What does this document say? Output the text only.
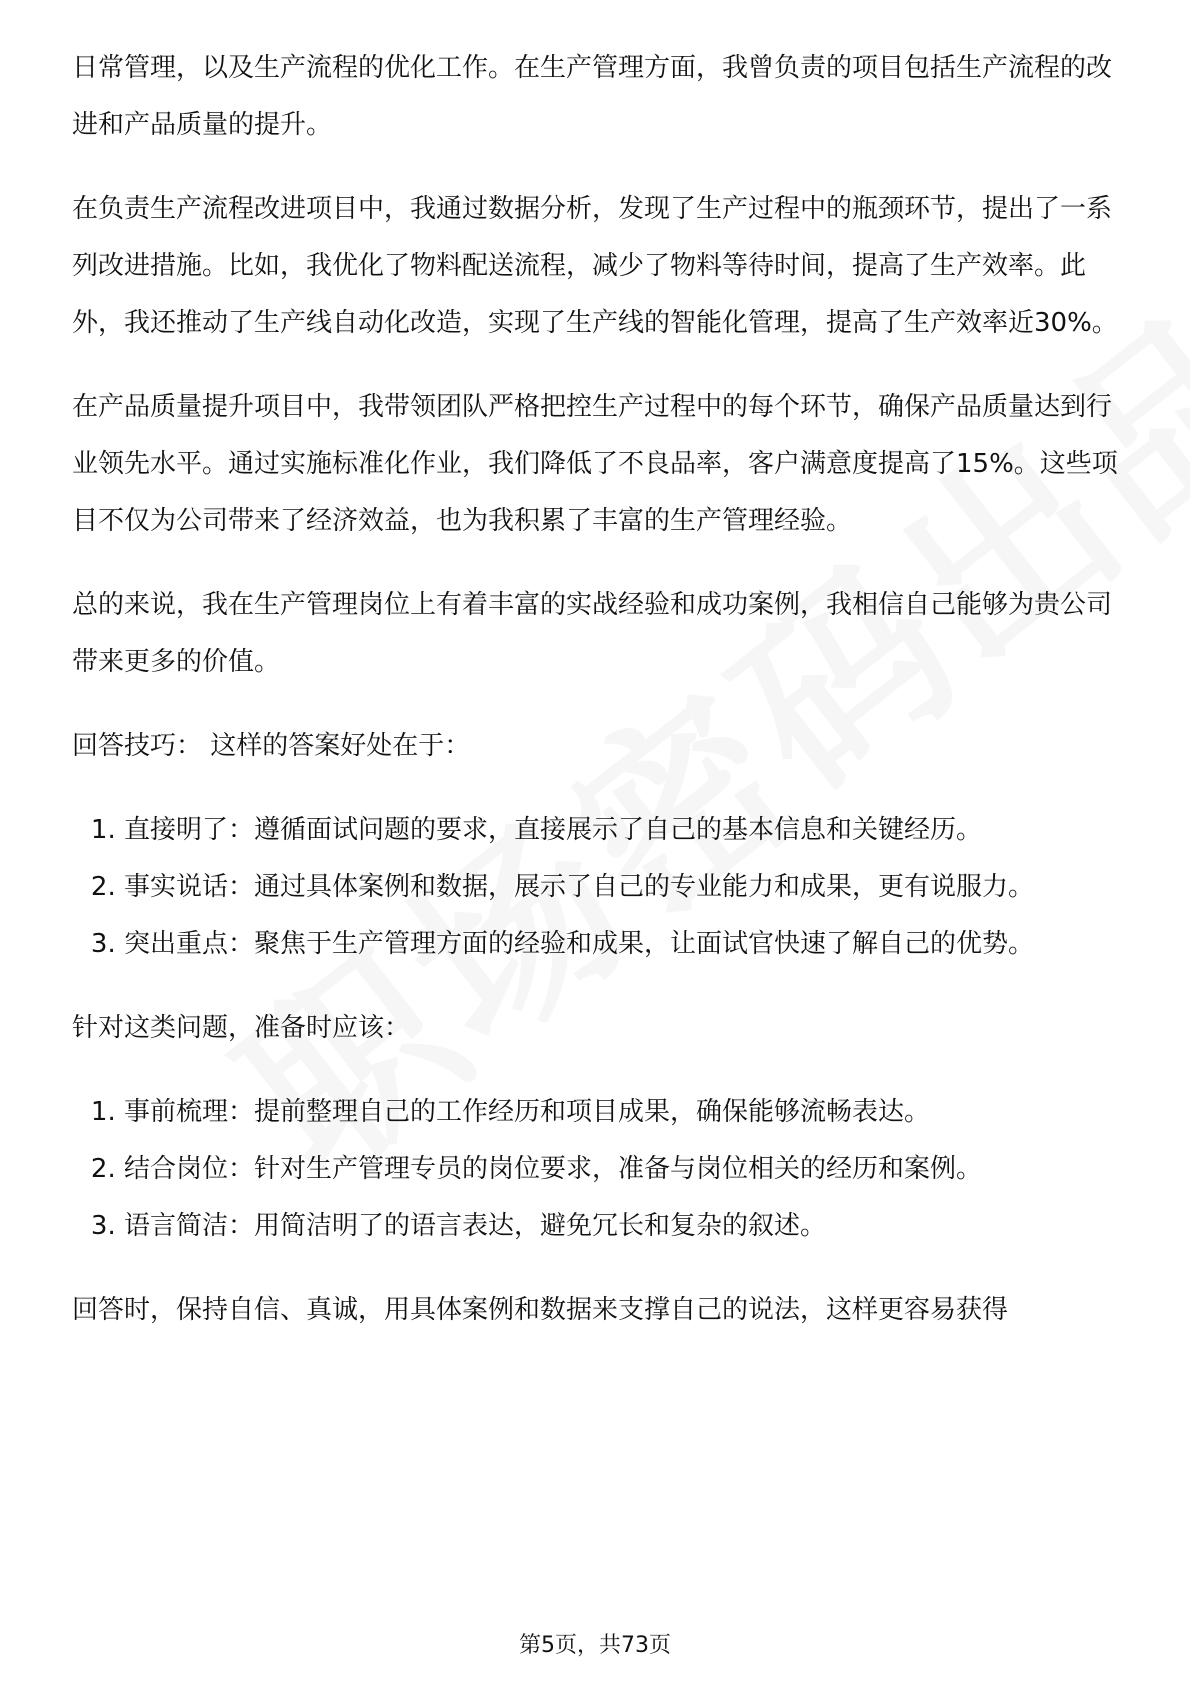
日常管理，以及生产流程的优化工作。在生产管理方面，我曾负责的项目包括生产流程的改进和产品质量的提升。

在负责生产流程改进项目中，我通过数据分析，发现了生产过程中的瓶颈环节，提出了一系列改进措施。比如，我优化了物料配送流程，减少了物料等待时间，提高了生产效率。此外，我还推动了生产线自动化改造，实现了生产线的智能化管理，提高了生产效率近30%。

在产品质量提升项目中，我带领团队严格把控生产过程中的每个环节，确保产品质量达到行业领先水平。通过实施标准化作业，我们降低了不良品率，客户满意度提高了15%。这些项目不仅为公司带来了经济效益，也为我积累了丰富的生产管理经验。

总的来说，我在生产管理岗位上有着丰富的实战经验和成功案例，我相信自己能够为贵公司带来更多的价值。

回答技巧： 这样的答案好处在于：

1. 直接明了：遵循面试问题的要求，直接展示了自己的基本信息和关键经历。
2. 事实说话：通过具体案例和数据，展示了自己的专业能力和成果，更有说服力。
3. 突出重点：聚焦于生产管理方面的经验和成果，让面试官快速了解自己的优势。

针对这类问题，准备时应该：

1. 事前梳理：提前整理自己的工作经历和项目成果，确保能够流畅表达。
2. 结合岗位：针对生产管理专员的岗位要求，准备与岗位相关的经历和案例。
3. 语言简洁：用简洁明了的语言表达，避免冗长和复杂的叙述。

回答时，保持自信、真诚，用具体案例和数据来支撑自己的说法，这样更容易获得

第5页，共73页
